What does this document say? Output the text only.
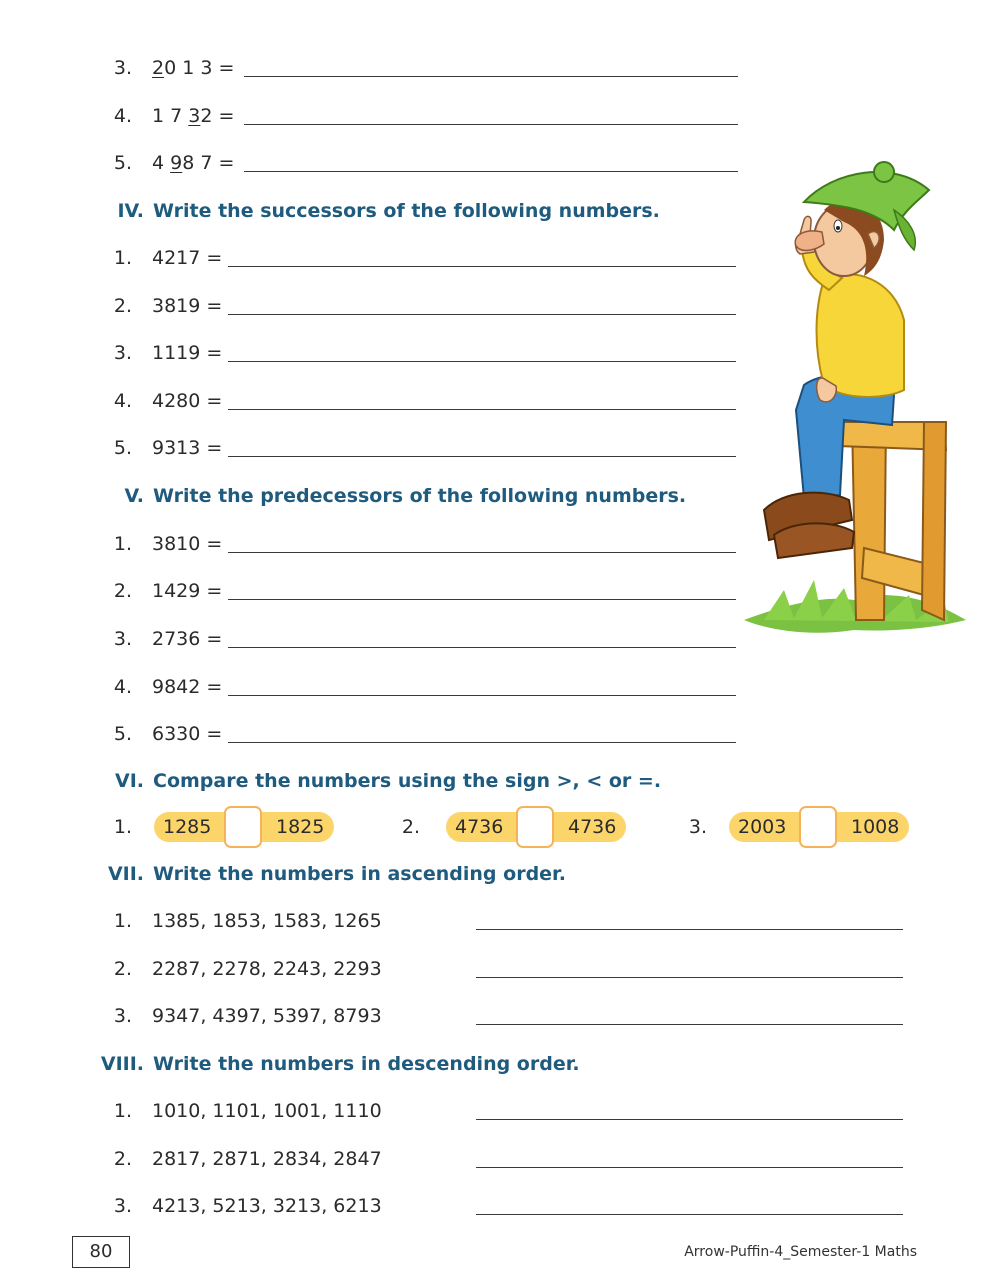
3. 20 1 3 =
4. 1 7 32 =
5. 4 98 7 =
IV. Write the successors of the following numbers.
1. 4217 =
2. 3819 =
3. 1119 =
4. 4280 =
5. 9313 =
V. Write the predecessors of the following numbers.
1. 3810 =
2. 1429 =
3. 2736 =
4. 9842 =
5. 6330 =
VI. Compare the numbers using the sign >, < or =.
1. 1285	1825	2. 4736	4736	3. 2003	1008
VII. Write the numbers in ascending order.
1. 1385, 1853, 1583, 1265
2. 2287, 2278, 2243, 2293
3. 9347, 4397, 5397, 8793
VIII. Write the numbers in descending order.
1. 1010, 1101, 1001, 1110
2. 2817, 2871, 2834, 2847
3. 4213, 5213, 3213, 6213
80	Arrow-Puffin-4_Semester-1 Maths
